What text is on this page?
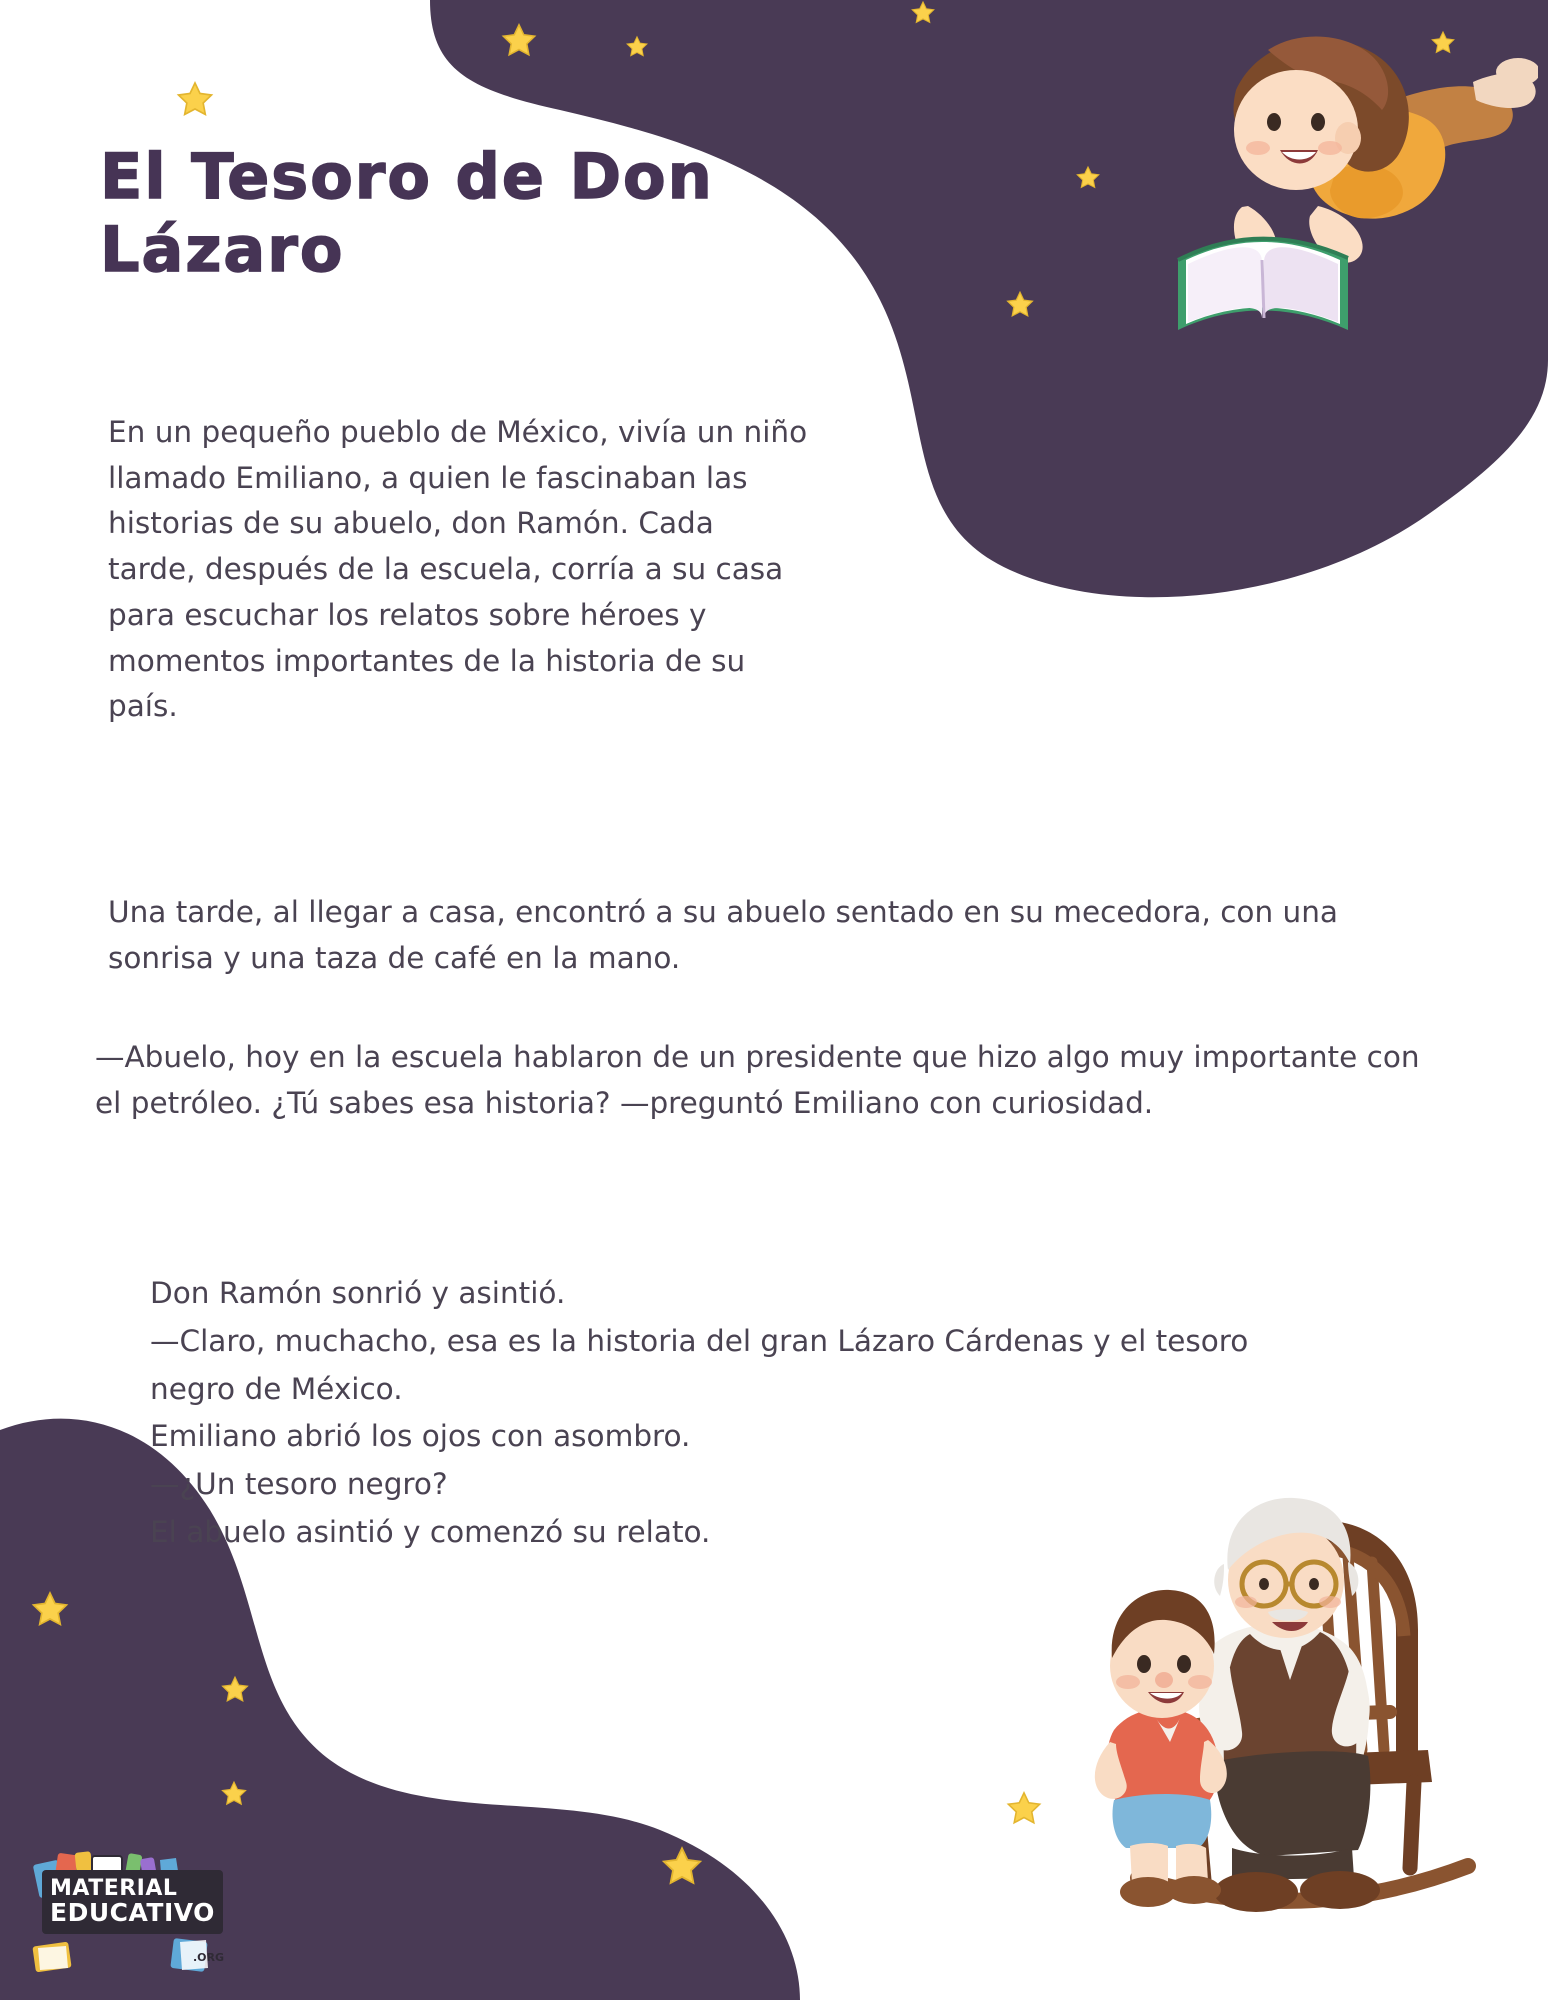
El Tesoro de Don Lázaro

En un pequeño pueblo de México, vivía un niño llamado Emiliano, a quien le fascinaban las historias de su abuelo, don Ramón. Cada tarde, después de la escuela, corría a su casa para escuchar los relatos sobre héroes y momentos importantes de la historia de su país.

Una tarde, al llegar a casa, encontró a su abuelo sentado en su mecedora, con una sonrisa y una taza de café en la mano.

—Abuelo, hoy en la escuela hablaron de un presidente que hizo algo muy importante con el petróleo. ¿Tú sabes esa historia? —preguntó Emiliano con curiosidad.

Don Ramón sonrió y asintió.
—Claro, muchacho, esa es la historia del gran Lázaro Cárdenas y el tesoro negro de México.
Emiliano abrió los ojos con asombro.
—¿Un tesoro negro?
El abuelo asintió y comenzó su relato.
MATERIAL
EDUCATIVO
.ORG
